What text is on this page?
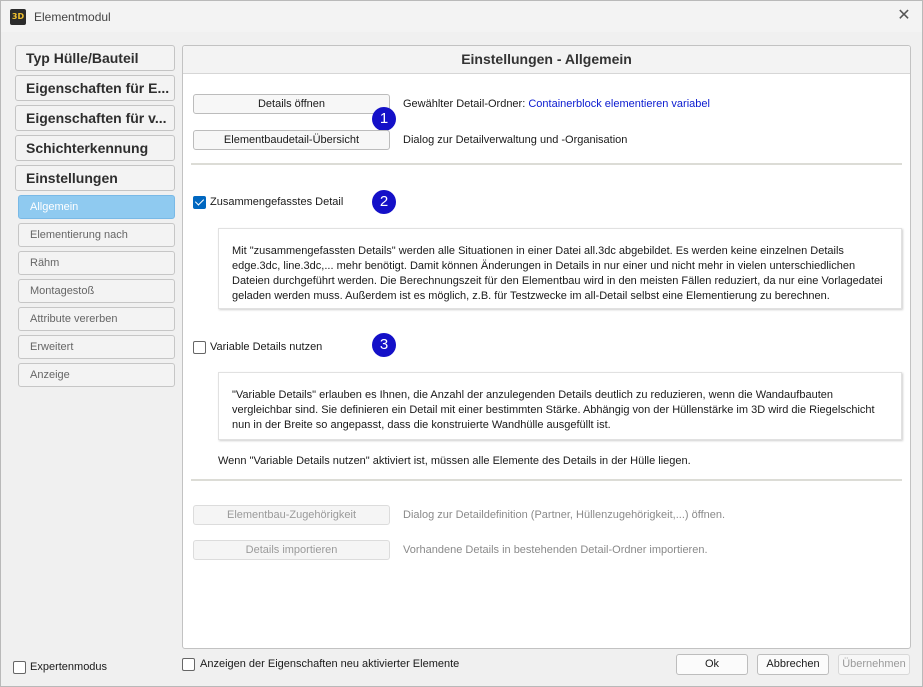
3D Elementmodul	✕
Typ Hülle/Bauteil
Eigenschaften für E...
Eigenschaften für v...
Schichterkennung
Einstellungen
Allgemein
Elementierung nach
Rähm
Montagestoß
Attribute vererben
Erweitert
Anzeige
Einstellungen - Allgemein
Details öffnen	Gewählter Detail-Ordner: Containerblock elementieren variabel
1
Elementbaudetail-Übersicht	Dialog zur Detailverwaltung und -Organisation
Zusammengefasstes Detail	2
Mit "zusammengefassten Details" werden alle Situationen in einer Datei all.3dc abgebildet. Es werden keine einzelnen Details edge.3dc, line.3dc,... mehr benötigt. Damit können Änderungen in Details in nur einer und nicht mehr in vielen unterschiedlichen Dateien durchgeführt werden. Die Berechnungszeit für den Elementbau wird in den meisten Fällen reduziert, da nur eine Vorlagedatei geladen werden muss. Außerdem ist es möglich, z.B. für Testzwecke im all-Detail selbst eine Elementierung zu berechnen.
Variable Details nutzen	3
"Variable Details" erlauben es Ihnen, die Anzahl der anzulegenden Details deutlich zu reduzieren, wenn die Wandaufbauten vergleichbar sind. Sie definieren ein Detail mit einer bestimmten Stärke. Abhängig von der Hüllenstärke im 3D wird die Riegelschicht nun in der Breite so angepasst, dass die konstruierte Wandhülle ausgefüllt ist.
Wenn "Variable Details nutzen" aktiviert ist, müssen alle Elemente des Details in der Hülle liegen.
Elementbau-Zugehörigkeit	Dialog zur Detaildefinition (Partner, Hüllenzugehörigkeit,...) öffnen.
Details importieren	Vorhandene Details in bestehenden Detail-Ordner importieren.
Expertenmodus	Anzeigen der Eigenschaften neu aktivierter Elemente	Ok	Abbrechen	Übernehmen
